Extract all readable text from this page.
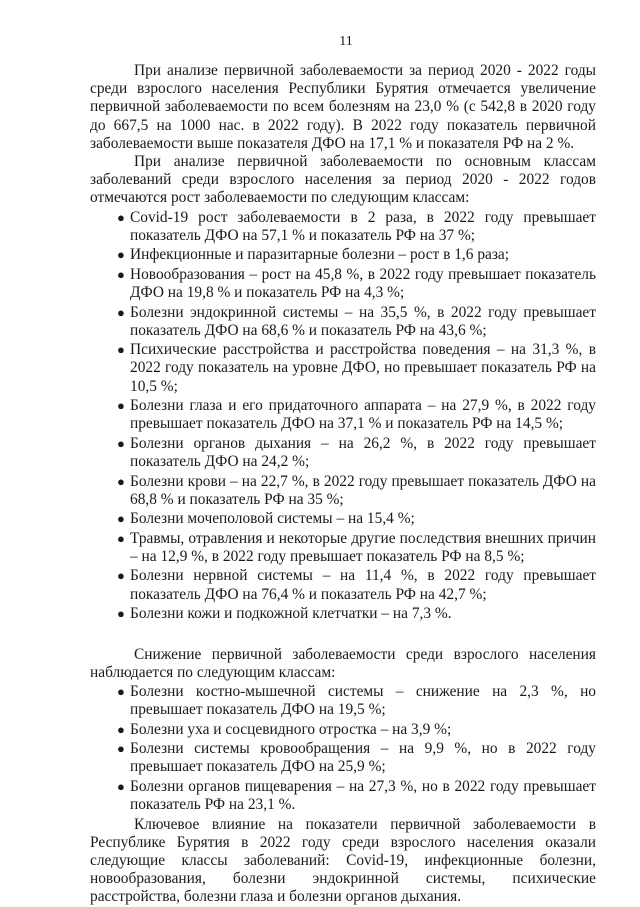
11

При анализе первичной заболеваемости за период 2020 - 2022 годы среди взрослого населения Республики Бурятия отмечается увеличение первичной заболеваемости по всем болезням на 23,0 % (с 542,8 в 2020 году до 667,5 на 1000 нас. в 2022 году). В 2022 году показатель первичной заболеваемости выше показателя ДФО на 17,1 % и показателя РФ на 2 %.

При анализе первичной заболеваемости по основным классам заболеваний среди взрослого населения за период 2020 - 2022 годов отмечаются рост заболеваемости по следующим классам:

● Covid-19 рост заболеваемости в 2 раза, в 2022 году превышает показатель ДФО на 57,1 % и показатель РФ на 37 %;
● Инфекционные и паразитарные болезни – рост в 1,6 раза;
● Новообразования – рост на 45,8 %, в 2022 году превышает показатель ДФО на 19,8 % и показатель РФ на 4,3 %;
● Болезни эндокринной системы – на 35,5 %, в 2022 году превышает показатель ДФО на 68,6 % и показатель РФ на 43,6 %;
● Психические расстройства и расстройства поведения – на 31,3 %, в 2022 году показатель на уровне ДФО, но превышает показатель РФ на 10,5 %;
● Болезни глаза и его придаточного аппарата – на 27,9 %, в 2022 году превышает показатель ДФО на 37,1 % и показатель РФ на 14,5 %;
● Болезни органов дыхания – на 26,2 %, в 2022 году превышает показатель ДФО на 24,2 %;
● Болезни крови – на 22,7 %, в 2022 году превышает показатель ДФО на 68,8 % и показатель РФ на 35 %;
● Болезни мочеполовой системы – на 15,4 %;
● Травмы, отравления и некоторые другие последствия внешних причин – на 12,9 %, в 2022 году превышает показатель РФ на 8,5 %;
● Болезни нервной системы – на 11,4 %, в 2022 году превышает показатель ДФО на 76,4 % и показатель РФ на 42,7 %;
● Болезни кожи и подкожной клетчатки – на 7,3 %.

Снижение первичной заболеваемости среди взрослого населения наблюдается по следующим классам:

● Болезни костно-мышечной системы – снижение на 2,3 %, но превышает показатель ДФО на 19,5 %;
● Болезни уха и сосцевидного отростка – на 3,9 %;
● Болезни системы кровообращения – на 9,9 %, но в 2022 году превышает показатель ДФО на 25,9 %;
● Болезни органов пищеварения – на 27,3 %, но в 2022 году превышает показатель РФ на 23,1 %.

Ключевое влияние на показатели первичной заболеваемости в Республике Бурятия в 2022 году среди взрослого населения оказали следующие классы заболеваний: Covid-19, инфекционные болезни, новообразования, болезни эндокринной системы, психические расстройства, болезни глаза и болезни органов дыхания.
